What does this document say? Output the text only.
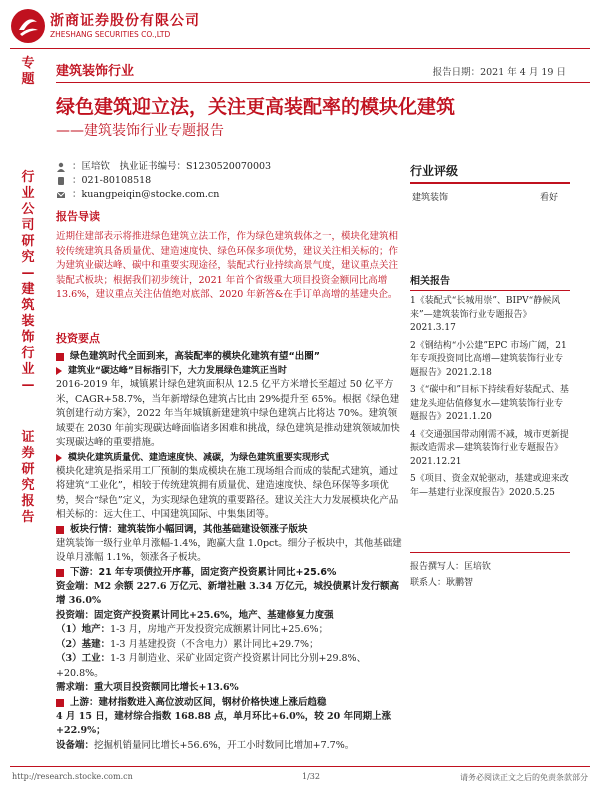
浙商证券股份有限公司
ZHESHANG SECURITIES CO.,LTD
专题
行业公司研究—建筑装饰行业—
证券研究报告
建筑装饰行业	报告日期：2021 年 4 月 19 日
绿色建筑迎立法，关注更高装配率的模块化建筑
——建筑装饰行业专题报告
：匡培钦　执业证书编号：S1230520070003
：021-80108518
：kuangpeiqin@stocke.com.cn
报告导读

近期住建部表示将推进绿色建筑立法工作，作为绿色建筑载体之一，模块化建筑相较传统建筑具备质量优、建造速度快、绿色环保多项优势，建议关注相关标的；作为建筑业碳达峰、碳中和重要实现途径，装配式行业持续高景气度，建议重点关注装配式板块；根据我们初步统计，2021 年首个省级重大项目投资金额同比高增 13.6%，建议重点关注估值绝对底部、2020 年新答&在手订单高增的基建央企。

投资要点
绿色建筑时代全面到来，高装配率的模块化建筑有望“出圈”
建筑业“碳达峰”目标指引下，大力发展绿色建筑正当时

2016-2019 年，城镇累计绿色建筑面积从 12.5 亿平方米增长至超过 50 亿平方米，CAGR+58.7%，当年新增绿色建筑占比由 29%提升至 65%。根据《绿色建筑创建行动方案》，2022 年当年城镇新建建筑中绿色建筑占比将达 70%。建筑领域要在 2030 年前实现碳达峰面临诸多困难和挑战，绿色建筑是推动建筑领域加快实现碳达峰的重要措施。

模块化建筑质量优、建造速度快、减碳，为绿色建筑重要实现形式

模块化建筑是指采用工厂预制的集成模块在施工现场组合而成的装配式建筑，通过将建筑“工业化”，相较于传统建筑拥有质量优、建造速度快、绿色环保等多项优势，契合“绿色”定义，为实现绿色建筑的重要路径。建议关注大力发展模块化产品相关标的：远大住工、中国建筑国际、中集集团等。

板块行情：建筑装饰小幅回调，其他基础建设领涨子版块

建筑装饰一级行业单月涨幅-1.4%，跑赢大盘 1.0pct。细分子板块中，其他基础建设单月涨幅 1.1%，领涨各子板块。

下游：21 年专项债拉开序幕，固定资产投资累计同比+25.6%

资金端：M2 余额 227.6 万亿元、新增社融 3.34 万亿元，城投债累计发行额高增 36.0%

投资端：固定资产投资累计同比+25.6%，地产、基建修复力度强

（1）地产：1-3 月，房地产开发投资完成额累计同比+25.6%；

（2）基建：1-3 月基建投资（不含电力）累计同比+29.7%；

（3）工业：1-3 月制造业、采矿业固定资产投资累计同比分别+29.8%、+20.8%。

需求端：重大项目投资额同比增长+13.6%

上游：建材指数进入高位波动区间，钢材价格快速上涨后趋稳

4 月 15 日，建材综合指数 168.88 点，单月环比+6.0%，较 20 年同期上涨+22.9%；

设备端：挖掘机销量同比增长+56.6%，开工小时数同比增加+7.7%。

行业评级
建筑装饰	看好
相关报告
1《装配式“长城用崇”、BIPV“静候风来”—建筑装饰行业专题报告》2021.3.17
2《钢结构“小公建”EPC 市场广阔，21 年专项投资同比高增—建筑装饰行业专题报告》2021.2.18
3《“碳中和”目标下持续看好装配式、基建龙头迎估值修复水—建筑装饰行业专题报告》2021.1.20
4《交通强国带动刚需不减，城市更新提振改造需求—建筑装饰行业专题报告》2021.12.21
5《项目、资金双轮驱动，基建或迎来改年—基建行业深度报告》2020.5.25
报告撰写人：匡培钦
联系人：耿鹏智
http://research.stocke.com.cn	1/32	请务必阅读正文之后的免责条款部分
